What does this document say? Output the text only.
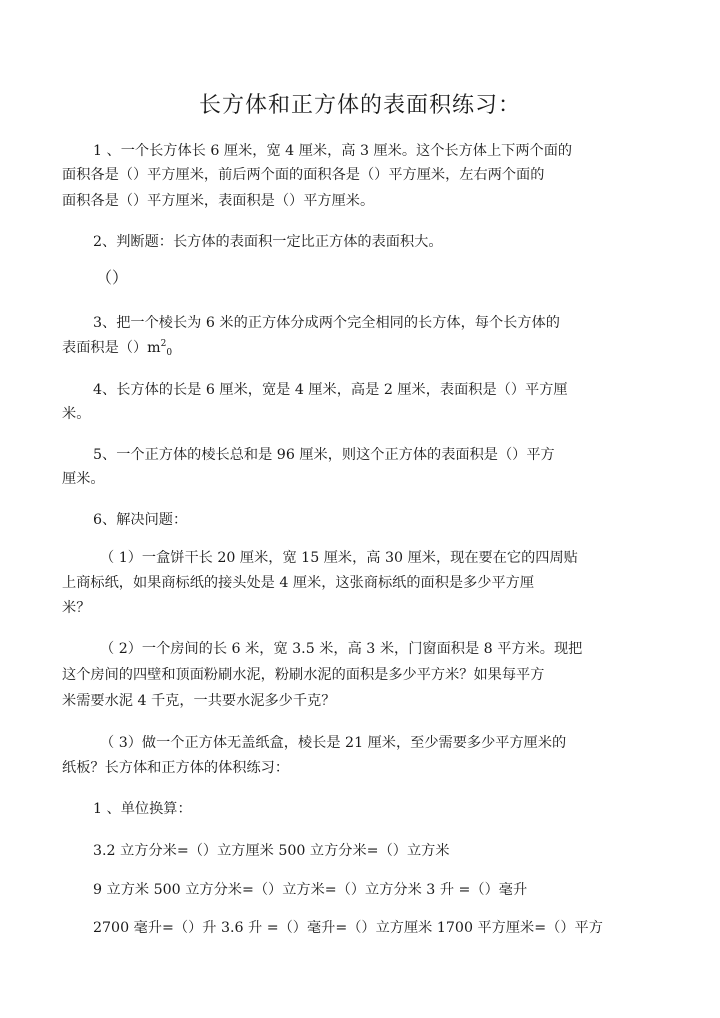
长方体和正方体的表面积练习：
1 、一个长方体长 6 厘米，宽 4 厘米，高 3 厘米。这个长方体上下两个面的
面积各是（）平方厘米，前后两个面的面积各是（）平方厘米，左右两个面的
面积各是（）平方厘米，表面积是（）平方厘米。
2、判断题：长方体的表面积一定比正方体的表面积大。
（）
3、把一个棱长为 6 米的正方体分成两个完全相同的长方体，每个长方体的
表面积是$()m^2_0$
4、长方体的长是 6 厘米，宽是 4 厘米，高是 2 厘米，表面积是（）平方厘
米。
5、一个正方体的棱长总和是 96 厘米，则这个正方体的表面积是（）平方
厘米。
6、解决问题：
（ 1）一盒饼干长 20 厘米，宽 15 厘米，高 30 厘米，现在要在它的四周贴
上商标纸，如果商标纸的接头处是 4 厘米，这张商标纸的面积是多少平方厘
米？
（ 2）一个房间的长 6 米，宽 3.5 米，高 3 米，门窗面积是 8 平方米。现把
这个房间的四壁和顶面粉刷水泥，粉刷水泥的面积是多少平方米？如果每平方
米需要水泥 4 千克，一共要水泥多少千克？
（ 3）做一个正方体无盖纸盒，棱长是 21 厘米，至少需要多少平方厘米的
纸板？长方体和正方体的体积练习：
1 、单位换算：
3.2 立方分米=（）立方厘米 500 立方分米=（）立方米
9 立方米 500 立方分米=（）立方米=（）立方分米 3 升 =（）毫升
2700 毫升=（）升 3.6 升 =（）毫升=（）立方厘米 1700 平方厘米=（）平方
